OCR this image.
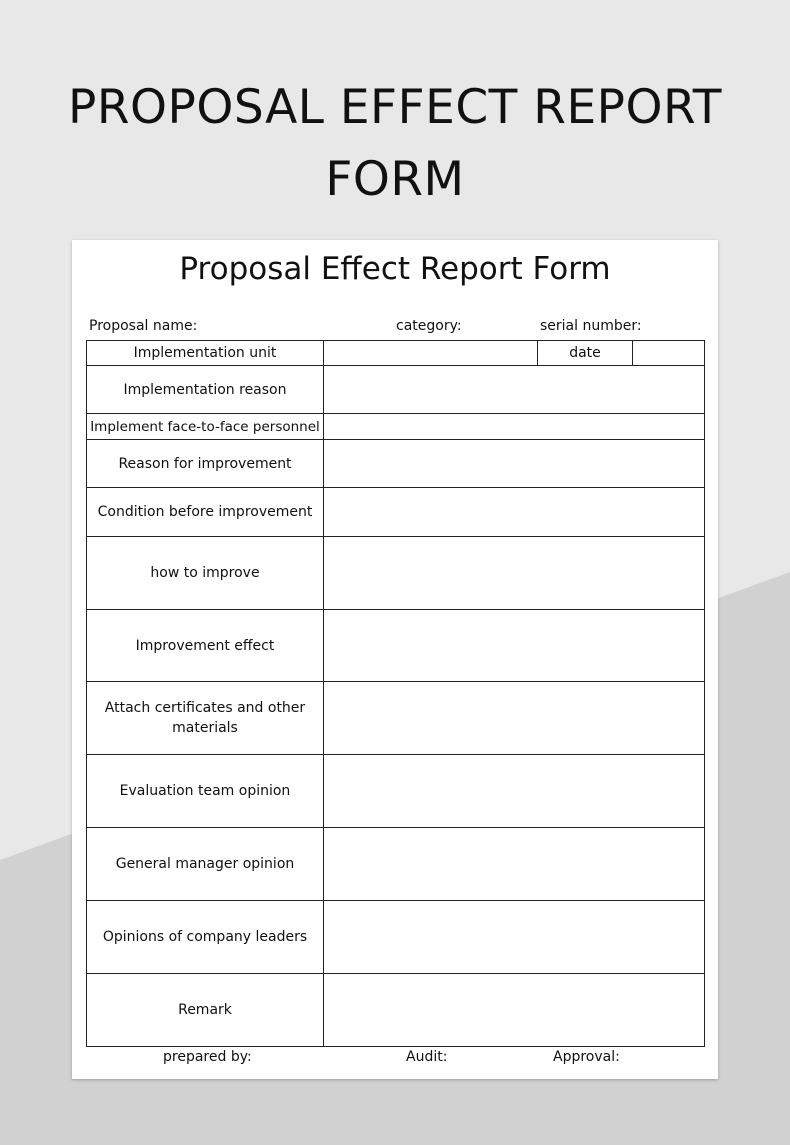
PROPOSAL EFFECT REPORT
FORM
Proposal Effect Report Form
Proposal name:	category:	serial number:
Implementation unit		date	
Implementation reason			
Implement face-to-face personnel			
Reason for improvement			
Condition before improvement			
how to improve			
Improvement effect			
Attach certificates and other materials			
Evaluation team opinion			
General manager opinion			
Opinions of company leaders			
Remark			
prepared by:	Audit:	Approval:
